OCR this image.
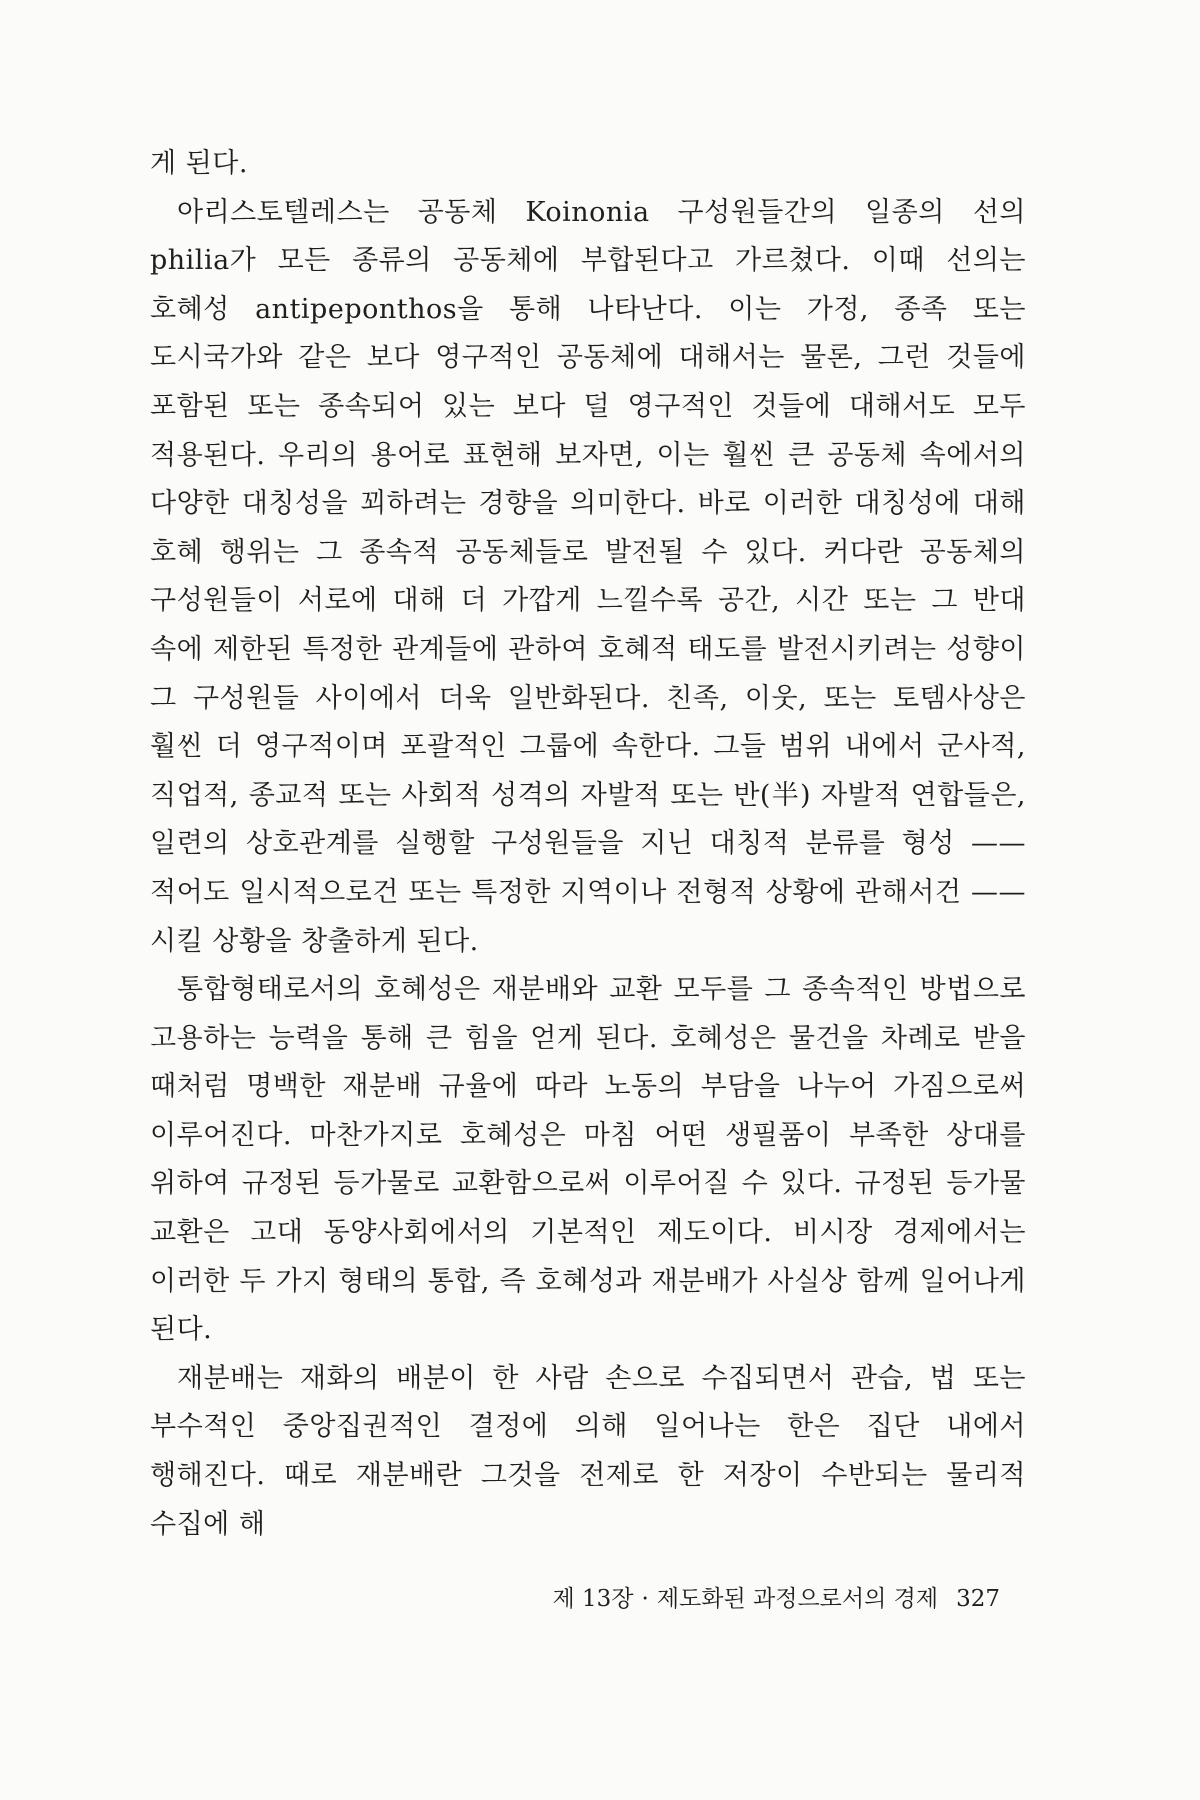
게 된다.

아리스토텔레스는 공동체 Koinonia 구성원들간의 일종의 선의 philia가 모든 종류의 공동체에 부합된다고 가르쳤다. 이때 선의는 호혜성 antipeponthos을 통해 나타난다. 이는 가정, 종족 또는 도시국가와 같은 보다 영구적인 공동체에 대해서는 물론, 그런 것들에 포함된 또는 종속되어 있는 보다 덜 영구적인 것들에 대해서도 모두 적용된다. 우리의 용어로 표현해 보자면, 이는 훨씬 큰 공동체 속에서의 다양한 대칭성을 꾀하려는 경향을 의미한다. 바로 이러한 대칭성에 대해 호혜 행위는 그 종속적 공동체들로 발전될 수 있다. 커다란 공동체의 구성원들이 서로에 대해 더 가깝게 느낄수록 공간, 시간 또는 그 반대 속에 제한된 특정한 관계들에 관하여 호혜적 태도를 발전시키려는 성향이 그 구성원들 사이에서 더욱 일반화된다. 친족, 이웃, 또는 토템사상은 훨씬 더 영구적이며 포괄적인 그룹에 속한다. 그들 범위 내에서 군사적, 직업적, 종교적 또는 사회적 성격의 자발적 또는 반(半) 자발적 연합들은, 일련의 상호관계를 실행할 구성원들을 지닌 대칭적 분류를 형성 —— 적어도 일시적으로건 또는 특정한 지역이나 전형적 상황에 관해서건 —— 시킬 상황을 창출하게 된다.

통합형태로서의 호혜성은 재분배와 교환 모두를 그 종속적인 방법으로 고용하는 능력을 통해 큰 힘을 얻게 된다. 호혜성은 물건을 차례로 받을 때처럼 명백한 재분배 규율에 따라 노동의 부담을 나누어 가짐으로써 이루어진다. 마찬가지로 호혜성은 마침 어떤 생필품이 부족한 상대를 위하여 규정된 등가물로 교환함으로써 이루어질 수 있다. 규정된 등가물 교환은 고대 동양사회에서의 기본적인 제도이다. 비시장 경제에서는 이러한 두 가지 형태의 통합, 즉 호혜성과 재분배가 사실상 함께 일어나게 된다.

재분배는 재화의 배분이 한 사람 손으로 수집되면서 관습, 법 또는 부수적인 중앙집권적인 결정에 의해 일어나는 한은 집단 내에서 행해진다. 때로 재분배란 그것을 전제로 한 저장이 수반되는 물리적 수집에 해

제 13장 · 제도화된 과정으로서의 경제 327
